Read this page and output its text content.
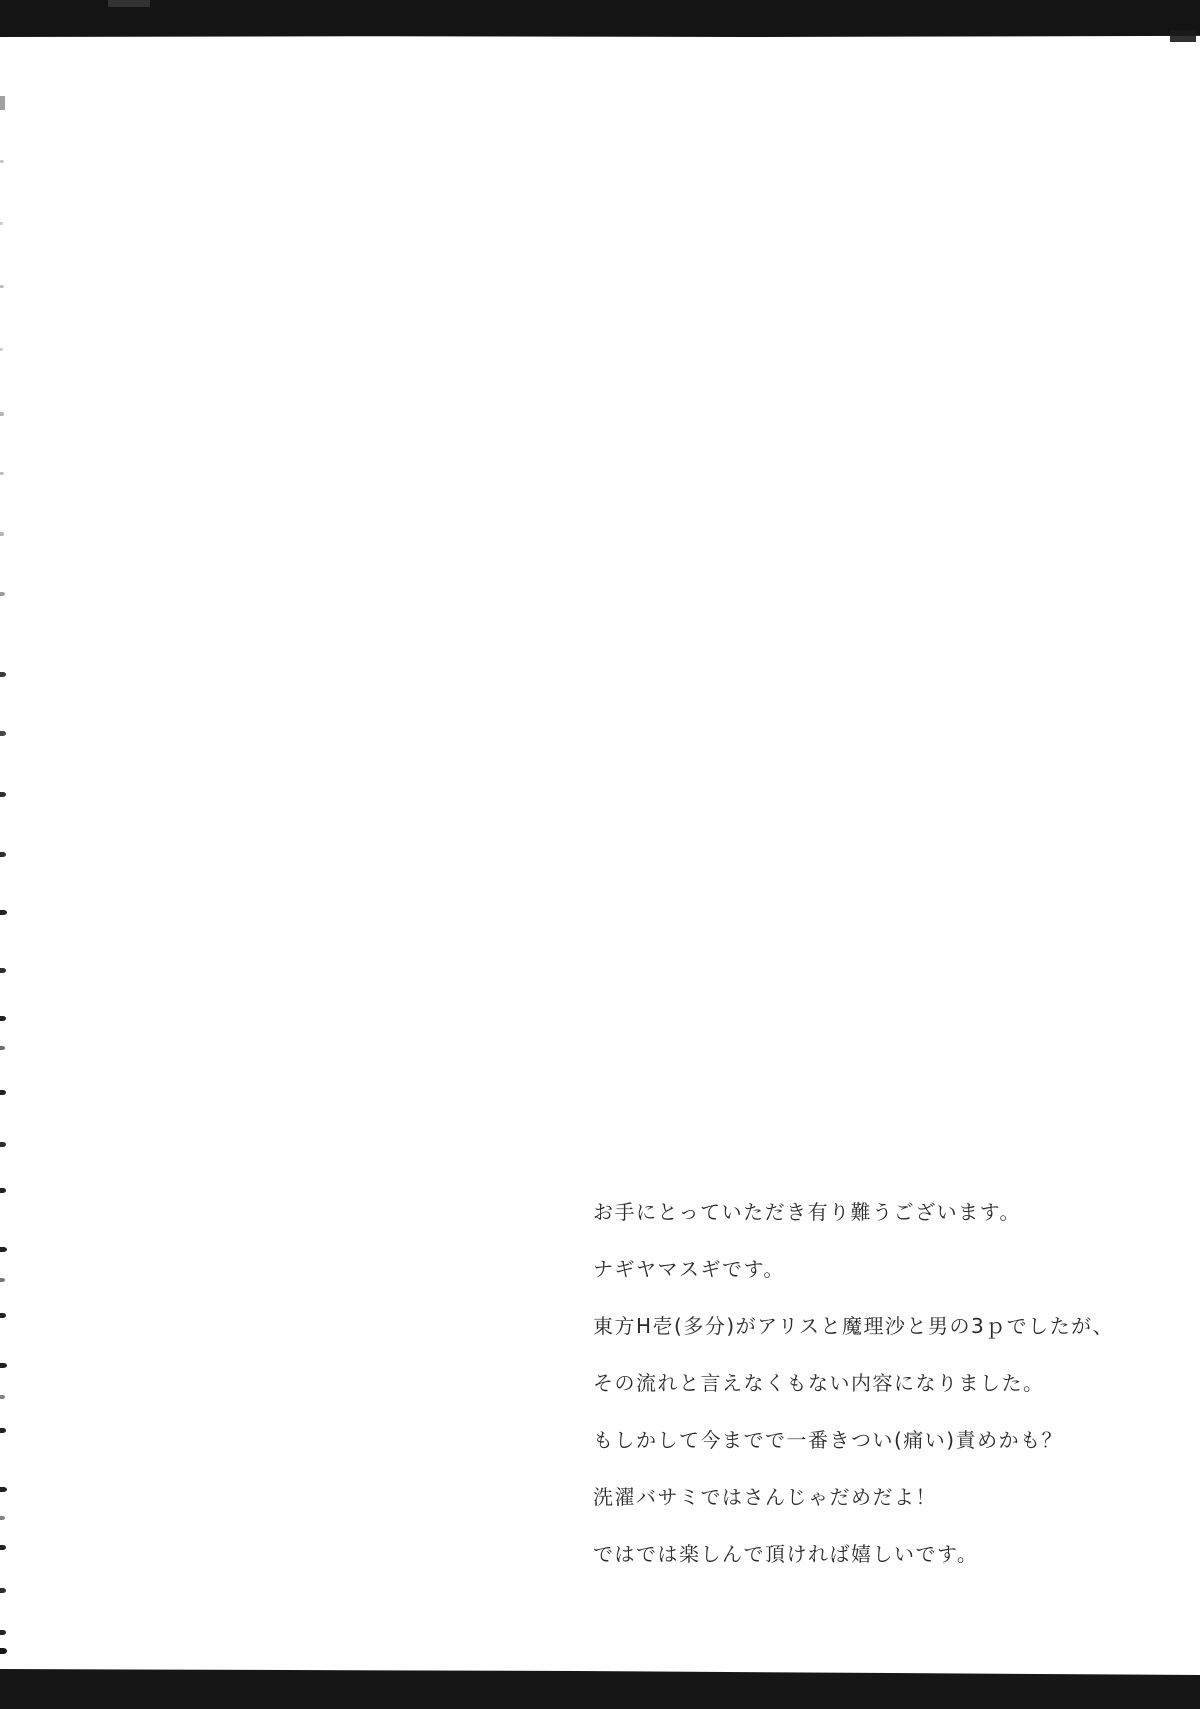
お手にとっていただき有り難うございます。

ナギヤマスギです。

東方H壱(多分)がアリスと魔理沙と男の3ｐでしたが、

その流れと言えなくもない内容になりました。

もしかして今までで一番きつい(痛い)責めかも？

洗濯バサミではさんじゃだめだよ！

ではでは楽しんで頂ければ嬉しいです。
